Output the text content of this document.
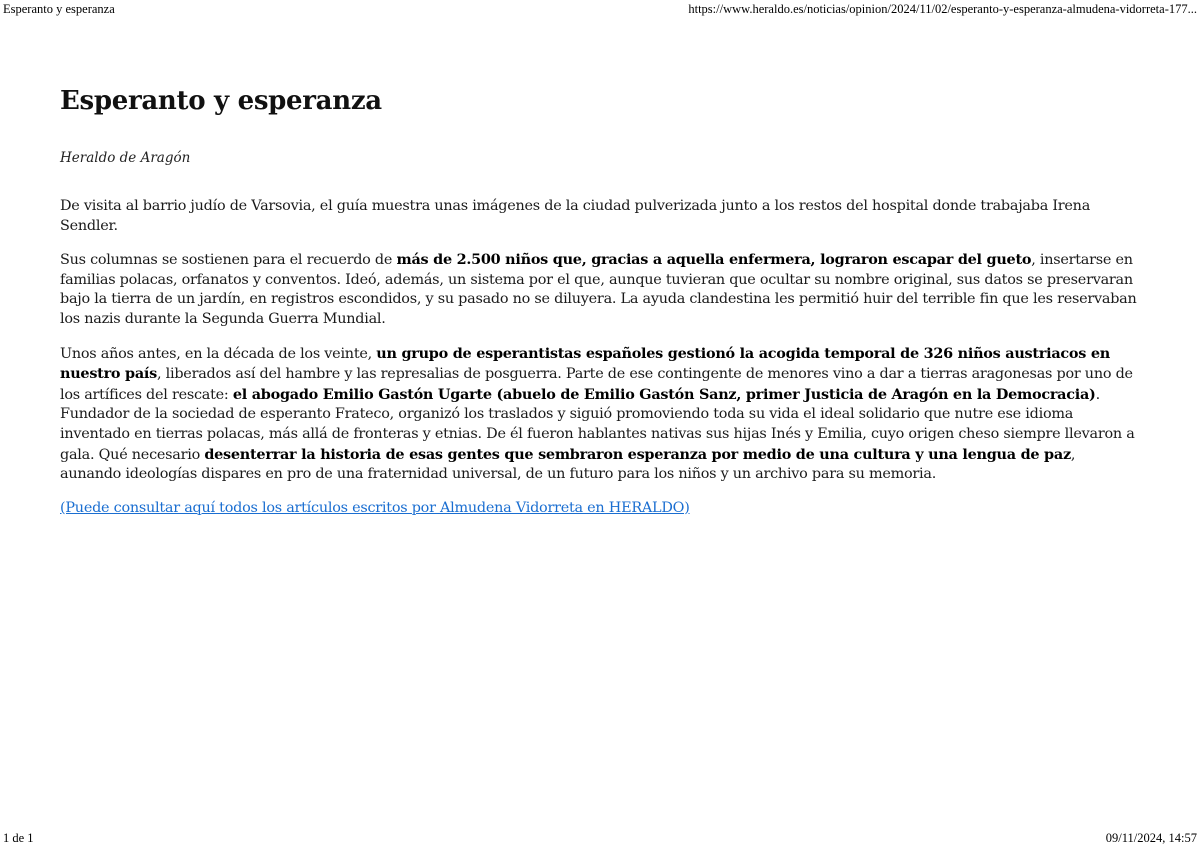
Esperanto y esperanza	https://www.heraldo.es/noticias/opinion/2024/11/02/esperanto-y-esperanza-almudena-vidorreta-177...
Esperanto y esperanza
Heraldo de Aragón

De visita al barrio judío de Varsovia, el guía muestra unas imágenes de la ciudad pulverizada junto a los restos del hospital donde trabajaba Irena Sendler.

Sus columnas se sostienen para el recuerdo de más de 2.500 niños que, gracias a aquella enfermera, lograron escapar del gueto, insertarse en familias polacas, orfanatos y conventos. Ideó, además, un sistema por el que, aunque tuvieran que ocultar su nombre original, sus datos se preservaran bajo la tierra de un jardín, en registros escondidos, y su pasado no se diluyera. La ayuda clandestina les permitió huir del terrible fin que les reservaban los nazis durante la Segunda Guerra Mundial.

Unos años antes, en la década de los veinte, un grupo de esperantistas españoles gestionó la acogida temporal de 326 niños austriacos en nuestro país, liberados así del hambre y las represalias de posguerra. Parte de ese contingente de menores vino a dar a tierras aragonesas por uno de los artífices del rescate: el abogado Emilio Gastón Ugarte (abuelo de Emilio Gastón Sanz, primer Justicia de Aragón en la Democracia). Fundador de la sociedad de esperanto Frateco, organizó los traslados y siguió promoviendo toda su vida el ideal solidario que nutre ese idioma inventado en tierras polacas, más allá de fronteras y etnias. De él fueron hablantes nativas sus hijas Inés y Emilia, cuyo origen cheso siempre llevaron a gala. Qué necesario desenterrar la historia de esas gentes que sembraron esperanza por medio de una cultura y una lengua de paz, aunando ideologías dispares en pro de una fraternidad universal, de un futuro para los niños y un archivo para su memoria.

(Puede consultar aquí todos los artículos escritos por Almudena Vidorreta en HERALDO)
1 de 1	09/11/2024, 14:57
